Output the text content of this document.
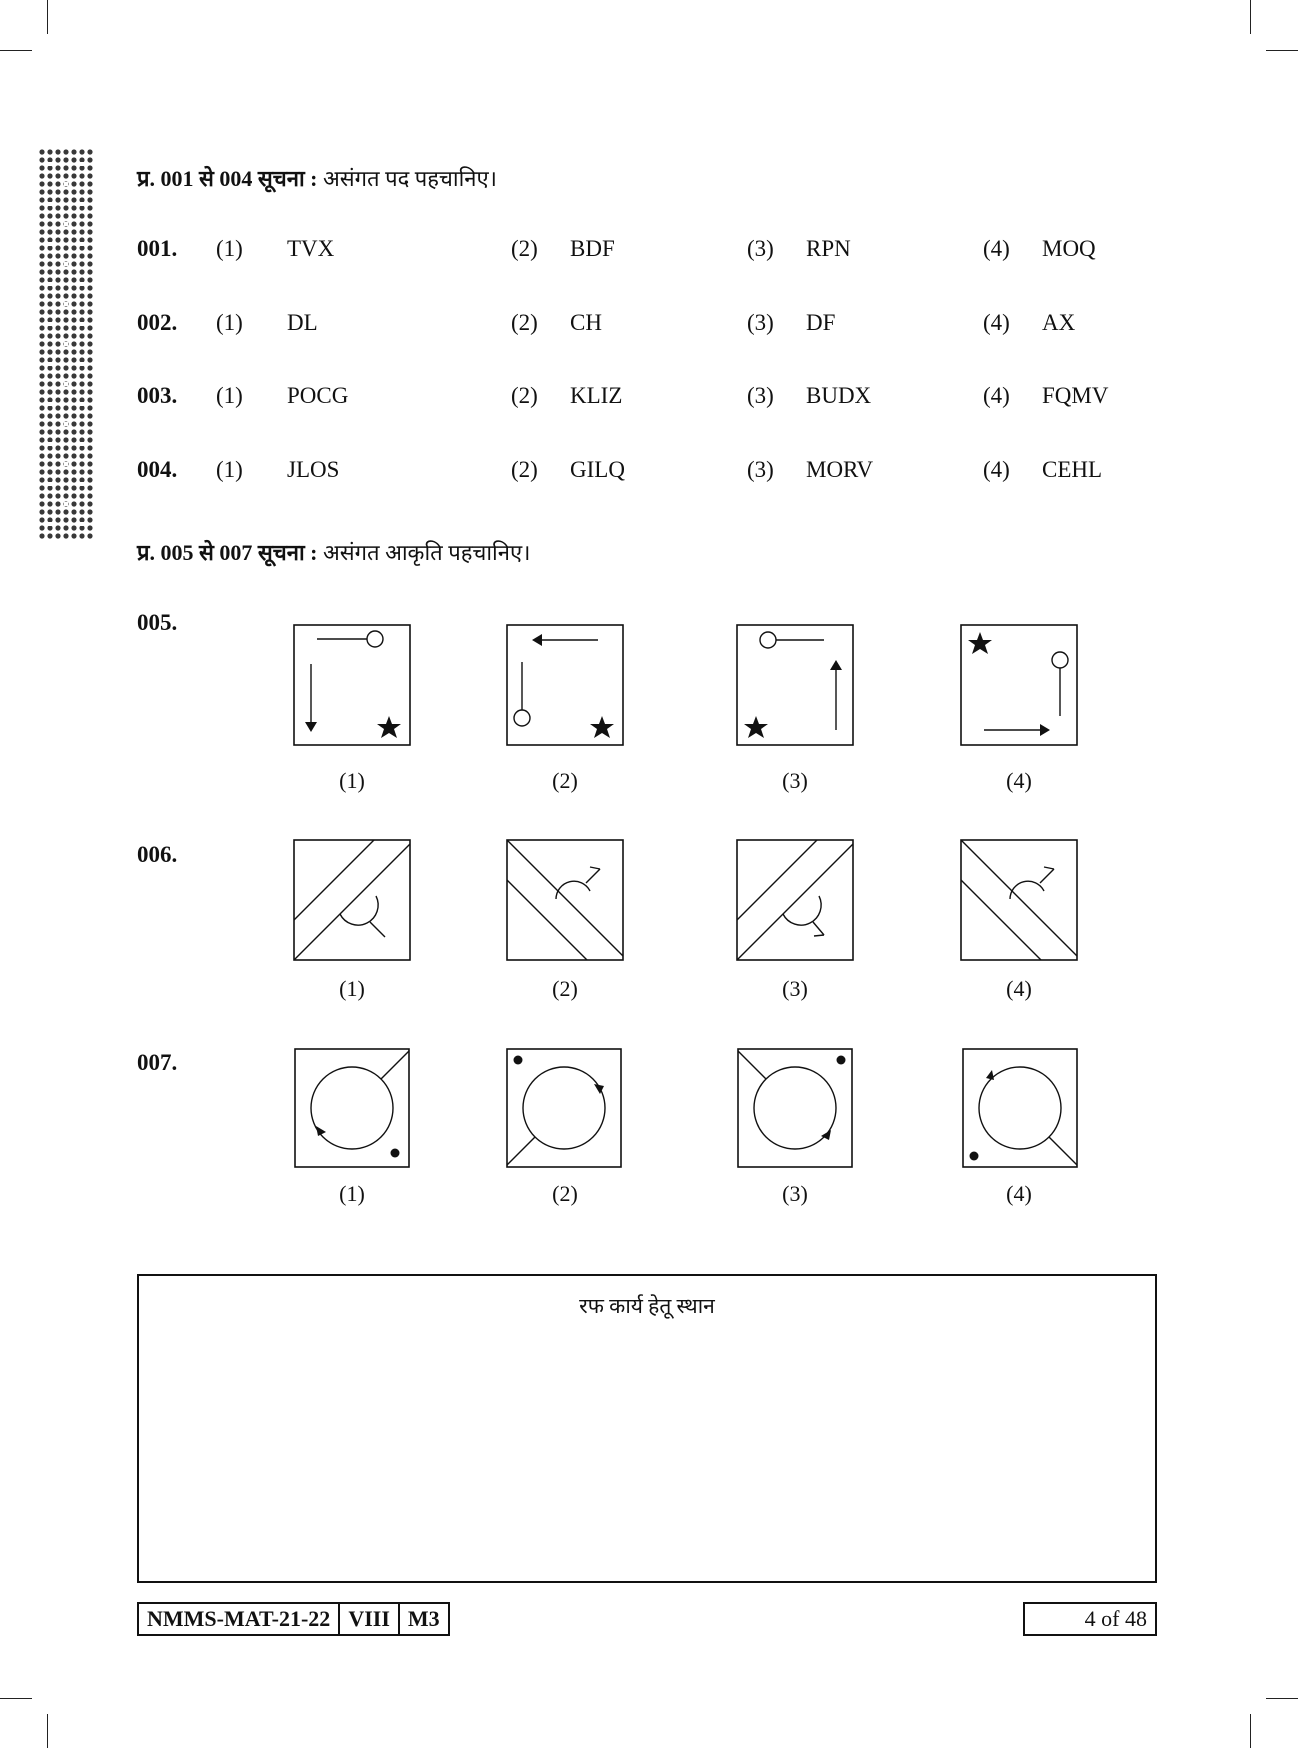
प्र. 001 से 004 सूचना : असंगत पद पहचानिए।
001. (1) TVX	(2) BDF	(3) RPN	(4) MOQ
002. (1) DL	(2) CH	(3) DF	(4) AX
003. (1) POCG	(2) KLIZ	(3) BUDX	(4) FQMV
004. (1) JLOS	(2) GILQ	(3) MORV	(4) CEHL
प्र. 005 से 007 सूचना : असंगत आकृति पहचानिए।
005.
(1)	(2)	(3)	(4)
006.
(1)	(2)	(3)	(4)
007.
(1)	(2)	(3)	(4)
रफ कार्य हेतू स्थान
NMMS-MAT-21-22 VIII M3	4 of 48
